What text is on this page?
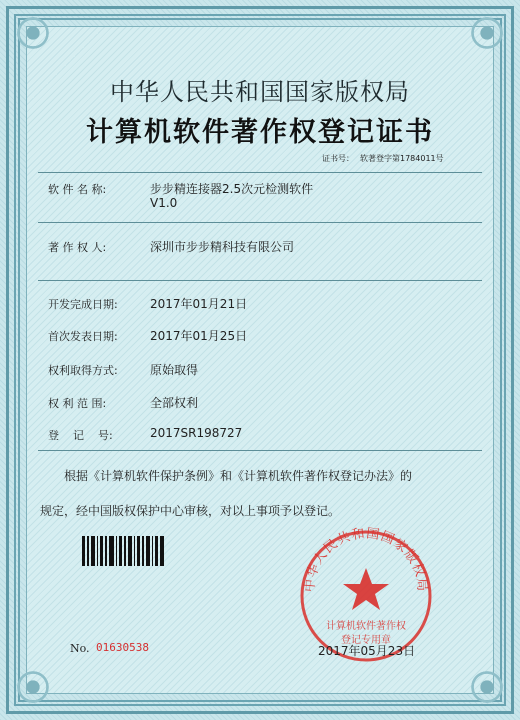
中华人民共和国国家版权局
计算机软件著作权登记证书
证书号： 软著登字第1784011号
软 件 名 称:	步步精连接器2.5次元检测软件
V1.0
著 作 权 人:	深圳市步步精科技有限公司
开发完成日期:	2017年01月21日
首次发表日期:	2017年01月25日
权利取得方式:	原始取得
权 利 范 围:	全部权利
登    记    号:	2017SR198727
根据《计算机软件保护条例》和《计算机软件著作权登记办法》的
规定，经中国版权保护中心审核，对以上事项予以登记。
中华人民共和国国家版权局
计算机软件著作权
登记专用章
No. 01630538	2017年05月23日
